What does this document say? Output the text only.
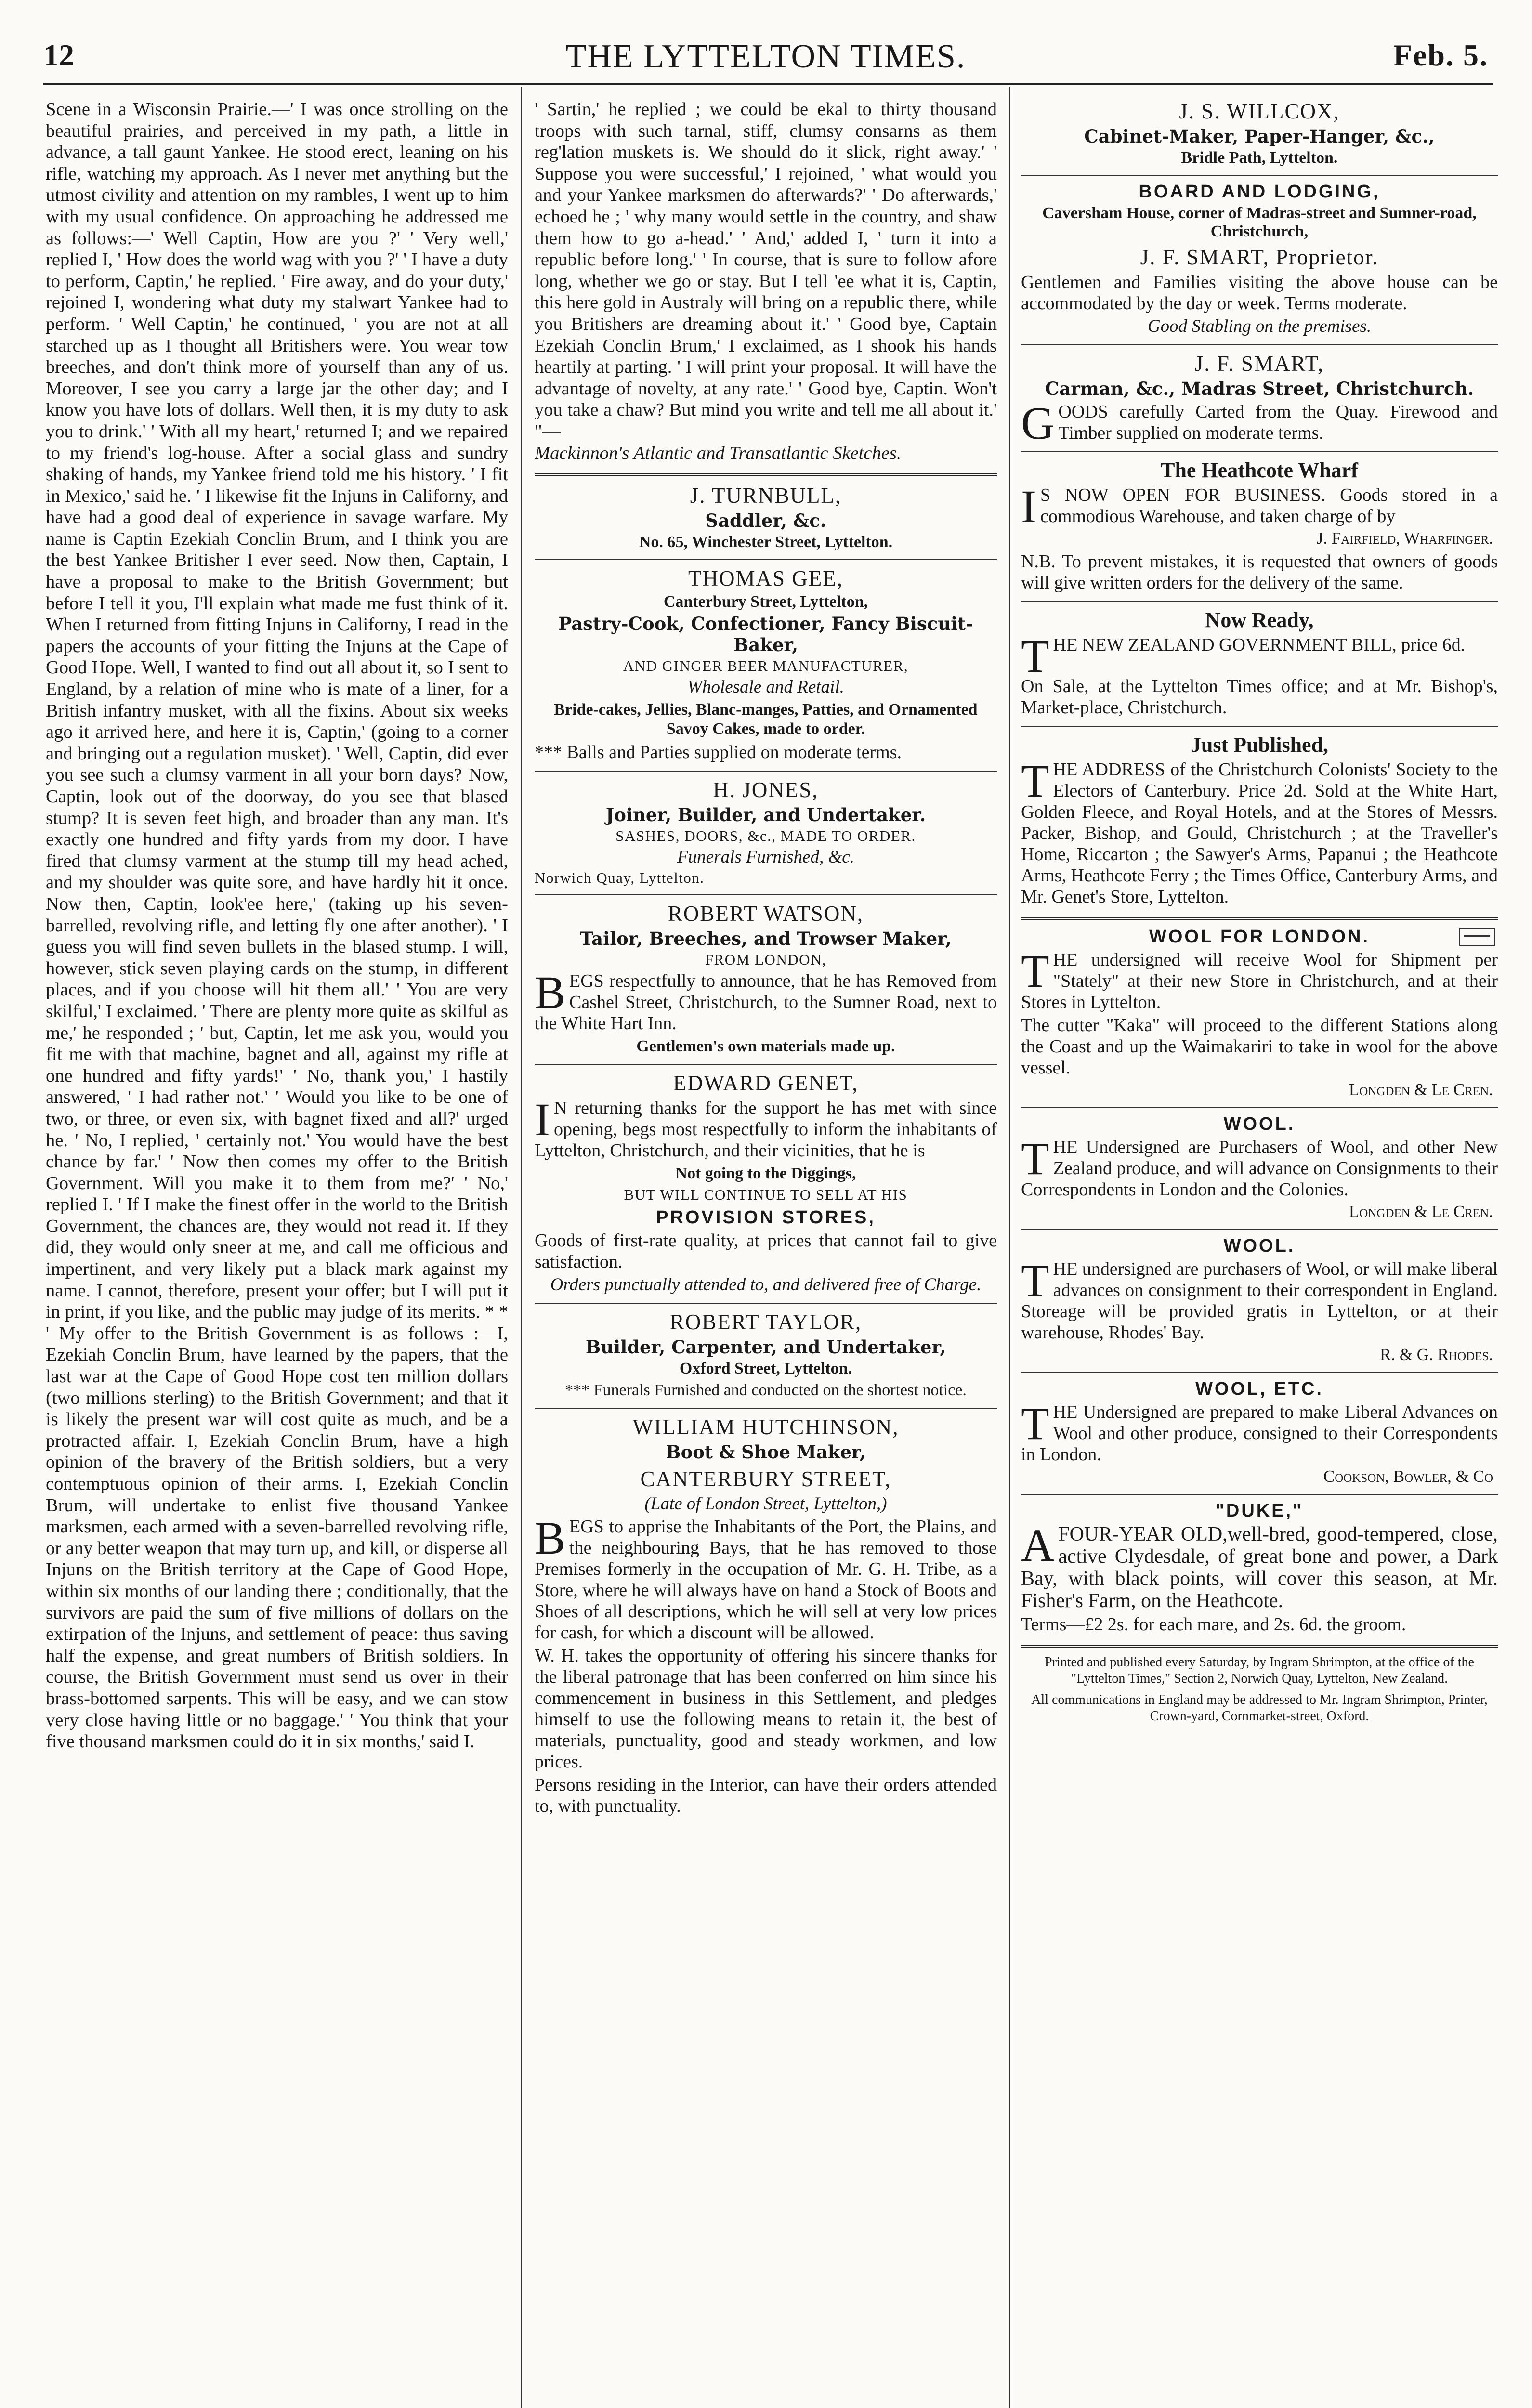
12	THE LYTTELTON TIMES.	Feb. 5.

Scene in a Wisconsin Prairie.—' I was once strolling on the beautiful prairies, and perceived in my path, a little in advance, a tall gaunt Yankee. He stood erect, leaning on his rifle, watching my approach. As I never met anything but the utmost civility and attention on my rambles, I went up to him with my usual confidence. On approaching he addressed me as follows:—' Well Captin, How are you ?' ' Very well,' replied I, ' How does the world wag with you ?' ' I have a duty to perform, Captin,' he replied. ' Fire away, and do your duty,' rejoined I, wondering what duty my stalwart Yankee had to perform. ' Well Captin,' he continued, ' you are not at all starched up as I thought all Britishers were. You wear tow breeches, and don't think more of yourself than any of us. Moreover, I see you carry a large jar the other day; and I know you have lots of dollars. Well then, it is my duty to ask you to drink.' ' With all my heart,' returned I; and we repaired to my friend's log-house. After a social glass and sundry shaking of hands, my Yankee friend told me his history. ' I fit in Mexico,' said he. ' I likewise fit the Injuns in Californy, and have had a good deal of experience in savage warfare. My name is Captin Ezekiah Conclin Brum, and I think you are the best Yankee Britisher I ever seed. Now then, Captain, I have a proposal to make to the British Government; but before I tell it you, I'll explain what made me fust think of it. When I returned from fitting Injuns in Californy, I read in the papers the accounts of your fitting the Injuns at the Cape of Good Hope. Well, I wanted to find out all about it, so I sent to England, by a relation of mine who is mate of a liner, for a British infantry musket, with all the fixins. About six weeks ago it arrived here, and here it is, Captin,' (going to a corner and bringing out a regulation musket). ' Well, Captin, did ever you see such a clumsy varment in all your born days? Now, Captin, look out of the doorway, do you see that blased stump? It is seven feet high, and broader than any man. It's exactly one hundred and fifty yards from my door. I have fired that clumsy varment at the stump till my head ached, and my shoulder was quite sore, and have hardly hit it once. Now then, Captin, look'ee here,' (taking up his seven-barrelled, revolving rifle, and letting fly one after another). ' I guess you will find seven bullets in the blased stump. I will, however, stick seven playing cards on the stump, in different places, and if you choose will hit them all.' ' You are very skilful,' I exclaimed. ' There are plenty more quite as skilful as me,' he responded ; ' but, Captin, let me ask you, would you fit me with that machine, bagnet and all, against my rifle at one hundred and fifty yards!' ' No, thank you,' I hastily answered, ' I had rather not.' ' Would you like to be one of two, or three, or even six, with bagnet fixed and all?' urged he. ' No, I replied, ' certainly not.' You would have the best chance by far.' ' Now then comes my offer to the British Government. Will you make it to them from me?' ' No,' replied I. ' If I make the finest offer in the world to the British Government, the chances are, they would not read it. If they did, they would only sneer at me, and call me officious and impertinent, and very likely put a black mark against my name. I cannot, therefore, present your offer; but I will put it in print, if you like, and the public may judge of its merits. * * ' My offer to the British Government is as follows :—I, Ezekiah Conclin Brum, have learned by the papers, that the last war at the Cape of Good Hope cost ten million dollars (two millions sterling) to the British Government; and that it is likely the present war will cost quite as much, and be a protracted affair. I, Ezekiah Conclin Brum, have a high opinion of the bravery of the British soldiers, but a very contemptuous opinion of their arms. I, Ezekiah Conclin Brum, will undertake to enlist five thousand Yankee marksmen, each armed with a seven-barrelled revolving rifle, or any better weapon that may turn up, and kill, or disperse all Injuns on the British territory at the Cape of Good Hope, within six months of our landing there ; conditionally, that the survivors are paid the sum of five millions of dollars on the extirpation of the Injuns, and settlement of peace: thus saving half the expense, and great numbers of British soldiers. In course, the British Government must send us over in their brass-bottomed sarpents. This will be easy, and we can stow very close having little or no baggage.' ' You think that your five thousand marksmen could do it in six months,' said I.

' Sartin,' he replied ; we could be ekal to thirty thousand troops with such tarnal, stiff, clumsy consarns as them reg'lation muskets is. We should do it slick, right away.' ' Suppose you were successful,' I rejoined, ' what would you and your Yankee marksmen do afterwards?' ' Do afterwards,' echoed he ; ' why many would settle in the country, and shaw them how to go a-head.' ' And,' added I, ' turn it into a republic before long.' ' In course, that is sure to follow afore long, whether we go or stay. But I tell 'ee what it is, Captin, this here gold in Australy will bring on a republic there, while you Britishers are dreaming about it.' ' Good bye, Captain Ezekiah Conclin Brum,' I exclaimed, as I shook his hands heartily at parting. ' I will print your proposal. It will have the advantage of novelty, at any rate.' ' Good bye, Captin. Won't you take a chaw? But mind you write and tell me all about it.' "—

Mackinnon's Atlantic and Transatlantic Sketches.

J. TURNBULL,
Saddler, &c.
No. 65, Winchester Street, Lyttelton.
THOMAS GEE,
Canterbury Street, Lyttelton,
Pastry-Cook, Confectioner, Fancy Biscuit-Baker,
AND GINGER BEER MANUFACTURER,
Wholesale and Retail.
Bride-cakes, Jellies, Blanc-manges, Patties, and Ornamented Savoy Cakes, made to order.
*** Balls and Parties supplied on moderate terms.
H. JONES,
Joiner, Builder, and Undertaker.
SASHES, DOORS, &c., MADE TO ORDER.
Funerals Furnished, &c.
Norwich Quay, Lyttelton.
ROBERT WATSON,
Tailor, Breeches, and Trowser Maker,
FROM LONDON,
BEGS respectfully to announce, that he has Removed from Cashel Street, Christchurch, to the Sumner Road, next to the White Hart Inn.
Gentlemen's own materials made up.
EDWARD GENET,
I N returning thanks for the support he has met with since opening, begs most respectfully to inform the inhabitants of Lyttelton, Christchurch, and their vicinities, that he is
Not going to the Diggings,
BUT WILL CONTINUE TO SELL AT HIS
PROVISION STORES,
Goods of first-rate quality, at prices that cannot fail to give satisfaction.
Orders punctually attended to, and delivered free of Charge.
ROBERT TAYLOR,
Builder, Carpenter, and Undertaker,
Oxford Street, Lyttelton.
*** Funerals Furnished and conducted on the shortest notice.
WILLIAM HUTCHINSON,
Boot & Shoe Maker,
CANTERBURY STREET,
(Late of London Street, Lyttelton,)
BEGS to apprise the Inhabitants of the Port, the Plains, and the neighbouring Bays, that he has removed to those Premises formerly in the occupation of Mr. G. H. Tribe, as a Store, where he will always have on hand a Stock of Boots and Shoes of all descriptions, which he will sell at very low prices for cash, for which a discount will be allowed.
W. H. takes the opportunity of offering his sincere thanks for the liberal patronage that has been conferred on him since his commencement in business in this Settlement, and pledges himself to use the following means to retain it, the best of materials, punctuality, good and steady workmen, and low prices.
Persons residing in the Interior, can have their orders attended to, with punctuality.
J. S. WILLCOX,
Cabinet-Maker, Paper-Hanger, &c.,
Bridle Path, Lyttelton.
BOARD AND LODGING,
Caversham House, corner of Madras-street and Sumner-road, Christchurch,
J. F. SMART, Proprietor.
Gentlemen and Families visiting the above house can be accommodated by the day or week. Terms moderate.
Good Stabling on the premises.
J. F. SMART,
Carman, &c., Madras Street, Christchurch.
GOODS carefully Carted from the Quay. Firewood and Timber supplied on moderate terms.
The Heathcote Wharf
I S NOW OPEN FOR BUSINESS. Goods stored in a commodious Warehouse, and taken charge of by
J. Fairfield, Wharfinger.
N.B. To prevent mistakes, it is requested that owners of goods will give written orders for the delivery of the same.
Now Ready,
THE NEW ZEALAND GOVERNMENT BILL, price 6d.
On Sale, at the Lyttelton Times office; and at Mr. Bishop's, Market-place, Christchurch.
Just Published,
THE ADDRESS of the Christchurch Colonists' Society to the Electors of Canterbury. Price 2d. Sold at the White Hart, Golden Fleece, and Royal Hotels, and at the Stores of Messrs. Packer, Bishop, and Gould, Christchurch ; at the Traveller's Home, Riccarton ; the Sawyer's Arms, Papanui ; the Heathcote Arms, Heathcote Ferry ; the Times Office, Canterbury Arms, and Mr. Genet's Store, Lyttelton.
WOOL FOR LONDON.
THE undersigned will receive Wool for Shipment per "Stately" at their new Store in Christchurch, and at their Stores in Lyttelton.
The cutter "Kaka" will proceed to the different Stations along the Coast and up the Waimakariri to take in wool for the above vessel.
Longden & Le Cren.
WOOL.
THE Undersigned are Purchasers of Wool, and other New Zealand produce, and will advance on Consignments to their Correspondents in London and the Colonies.
Longden & Le Cren.
WOOL.
THE undersigned are purchasers of Wool, or will make liberal advances on consignment to their correspondent in England. Storeage will be provided gratis in Lyttelton, or at their warehouse, Rhodes' Bay.
R. & G. Rhodes.
WOOL, ETC.
THE Undersigned are prepared to make Liberal Advances on Wool and other produce, consigned to their Correspondents in London.
Cookson, Bowler, & Co
"DUKE,"
AFOUR-YEAR OLD,well-bred, good-tempered, close, active Clydesdale, of great bone and power, a Dark Bay, with black points, will cover this season, at Mr. Fisher's Farm, on the Heathcote.
Terms—£2 2s. for each mare, and 2s. 6d. the groom.

Printed and published every Saturday, by Ingram Shrimpton, at the office of the "Lyttelton Times," Section 2, Norwich Quay, Lyttelton, New Zealand.

All communications in England may be addressed to Mr. Ingram Shrimpton, Printer, Crown-yard, Cornmarket-street, Oxford.
